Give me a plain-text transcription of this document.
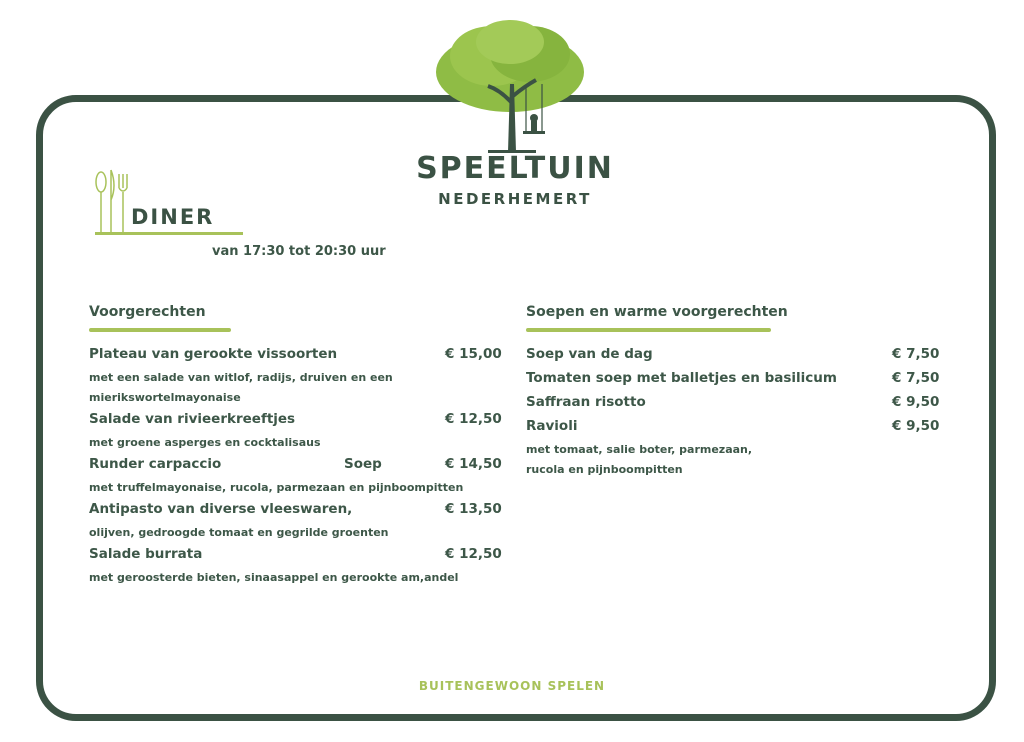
SPEELTUIN
NEDERHEMERT
DINER
van 17:30 tot 20:30 uur
Voorgerechten
Plateau van gerookte vissoorten	€ 15,00
met een salade van witlof, radijs, druiven en een
mierikswortelmayonaise
Salade van rivieerkreeftjes	€ 12,50
met groene asperges en cocktalisaus
Runder carpaccio	Soep	€ 14,50
met truffelmayonaise, rucola, parmezaan en pijnboompitten
Antipasto van diverse vleeswaren,	€ 13,50
olijven, gedroogde tomaat en gegrilde groenten
Salade burrata	€ 12,50
met geroosterde bieten, sinaasappel en gerookte am,andel
Soepen en warme voorgerechten
Soep van de dag	€ 7,50
Tomaten soep met balletjes en basilicum	€ 7,50
Saffraan risotto	€ 9,50
Ravioli	€ 9,50
met tomaat, salie boter, parmezaan,
rucola en pijnboompitten
BUITENGEWOON SPELEN
